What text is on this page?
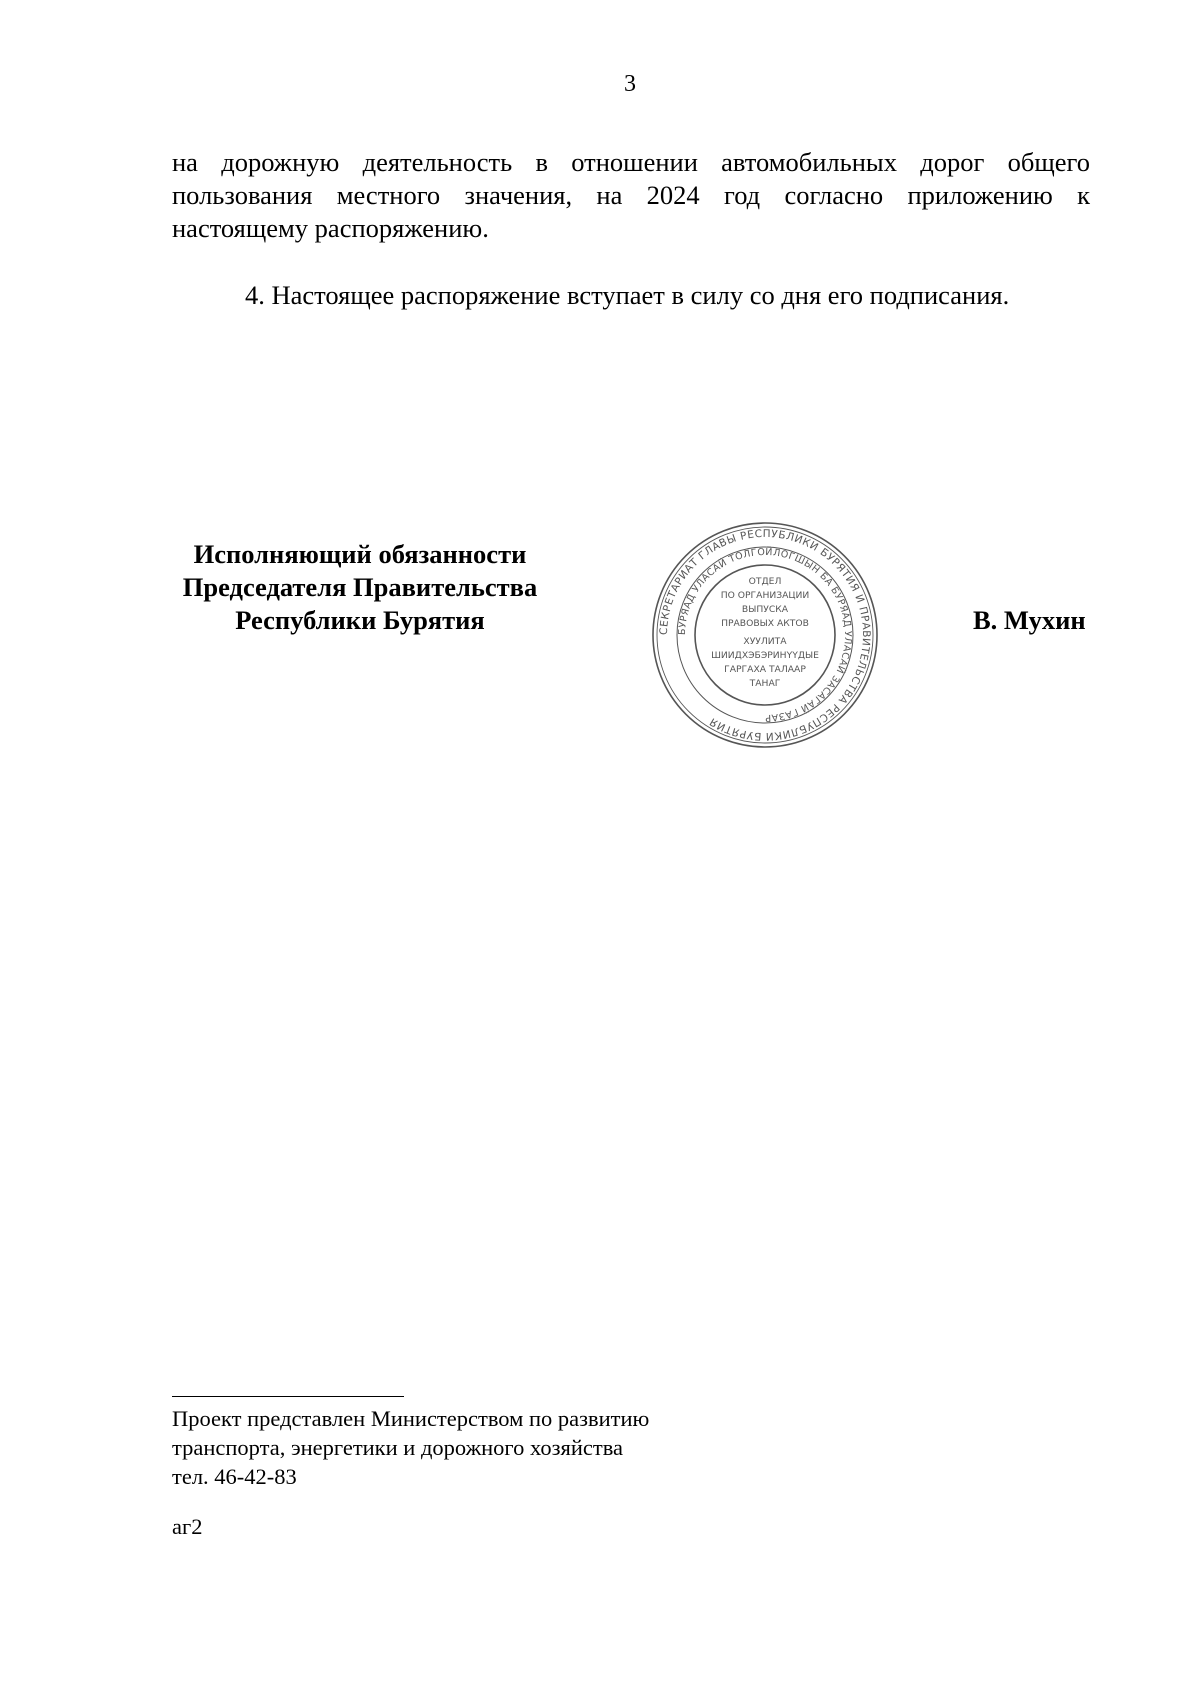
3
на дорожную деятельность в отношении автомобильных дорог общего
пользования местного значения, на 2024 год согласно приложению к
настоящему распоряжению.
4. Настоящее распоряжение вступает в силу со дня его подписания.
Исполняющий обязанности
Председателя Правительства
Республики Бурятия	СЕКРЕТАРИАТ ГЛАВЫ РЕСПУБЛИКИ БУРЯТИЯ И ПРАВИТЕЛЬСТВА РЕСПУБЛИКИ БУРЯТИЯ
БУРЯАД УЛАСАЙ ТОЛГОЙЛОГШЫН БА БУРЯАД УЛАСАЙ ЗАСАГАЙ ГАЗАР
ОТДЕЛ
ПО ОРГАНИЗАЦИИ
ВЫПУСКА
ПРАВОВЫХ АКТОВ
ХУУЛИТА
ШИИДХЭБЭРИНҮҮДЫЕ
ГАРГАХА ТАЛААР
ТАНАГ
В. Мухин
Проект представлен Министерством по развитию
транспорта, энергетики и дорожного хозяйства
тел. 46-42-83
аг2
